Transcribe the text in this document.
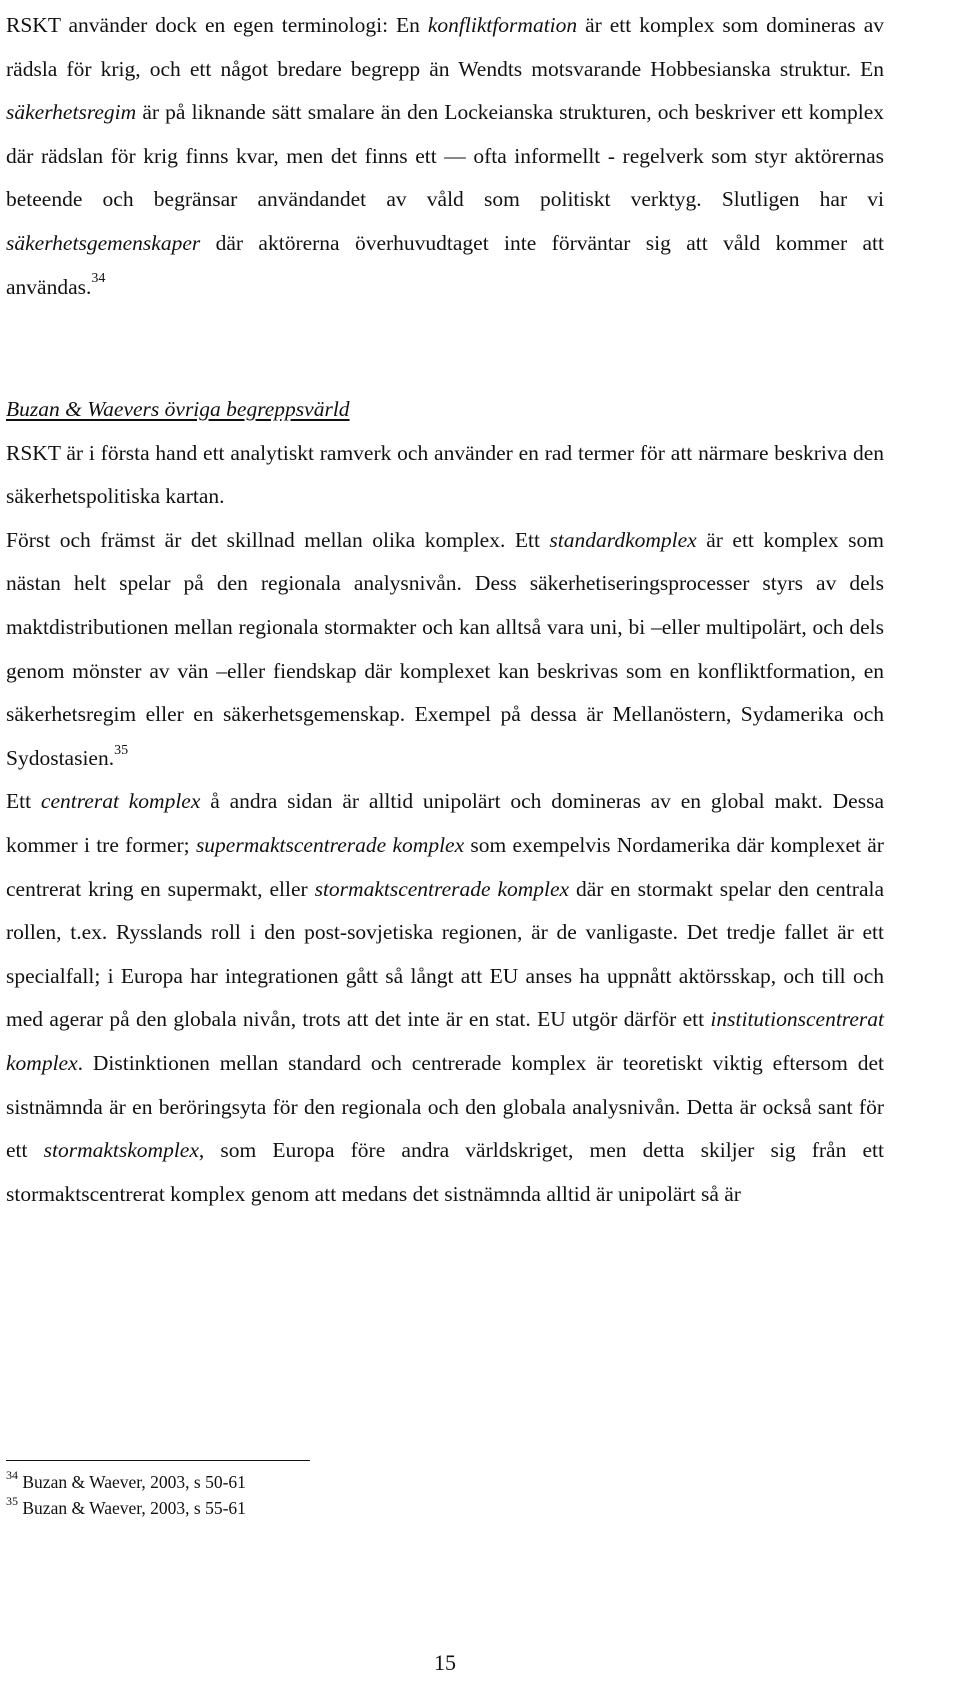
RSKT använder dock en egen terminologi: En konfliktformation är ett komplex som domineras av rädsla för krig, och ett något bredare begrepp än Wendts motsvarande Hobbesianska struktur. En säkerhetsregim är på liknande sätt smalare än den Lockeianska strukturen, och beskriver ett komplex där rädslan för krig finns kvar, men det finns ett — ofta informellt - regelverk som styr aktörernas beteende och begränsar användandet av våld som politiskt verktyg. Slutligen har vi säkerhetsgemenskaper där aktörerna överhuvudtaget inte förväntar sig att våld kommer att användas.$^{34}$

Buzan & Waevers övriga begreppsvärld

RSKT är i första hand ett analytiskt ramverk och använder en rad termer för att närmare beskriva den säkerhetspolitiska kartan.

Först och främst är det skillnad mellan olika komplex. Ett standardkomplex är ett komplex som nästan helt spelar på den regionala analysnivån. Dess säkerhetiseringsprocesser styrs av dels maktdistributionen mellan regionala stormakter och kan alltså vara uni, bi –eller multipolärt, och dels genom mönster av vän –eller fiendskap där komplexet kan beskrivas som en konfliktformation, en säkerhetsregim eller en säkerhetsgemenskap. Exempel på dessa är Mellanöstern, Sydamerika och Sydostasien.$^{35}$

Ett centrerat komplex å andra sidan är alltid unipolärt och domineras av en global makt. Dessa kommer i tre former; supermaktscentrerade komplex som exempelvis Nordamerika där komplexet är centrerat kring en supermakt, eller stormaktscentrerade komplex där en stormakt spelar den centrala rollen, t.ex. Rysslands roll i den post-sovjetiska regionen, är de vanligaste. Det tredje fallet är ett specialfall; i Europa har integrationen gått så långt att EU anses ha uppnått aktörsskap, och till och med agerar på den globala nivån, trots att det inte är en stat. EU utgör därför ett institutionscentrerat komplex. Distinktionen mellan standard och centrerade komplex är teoretiskt viktig eftersom det sistnämnda är en beröringsyta för den regionala och den globala analysnivån. Detta är också sant för ett stormaktskomplex, som Europa före andra världskriget, men detta skiljer sig från ett stormaktscentrerat komplex genom att medans det sistnämnda alltid är unipolärt så är

$^{34}$ Buzan & Waever, 2003, s 50-61
$^{35}$ Buzan & Waever, 2003, s 55-61
15
